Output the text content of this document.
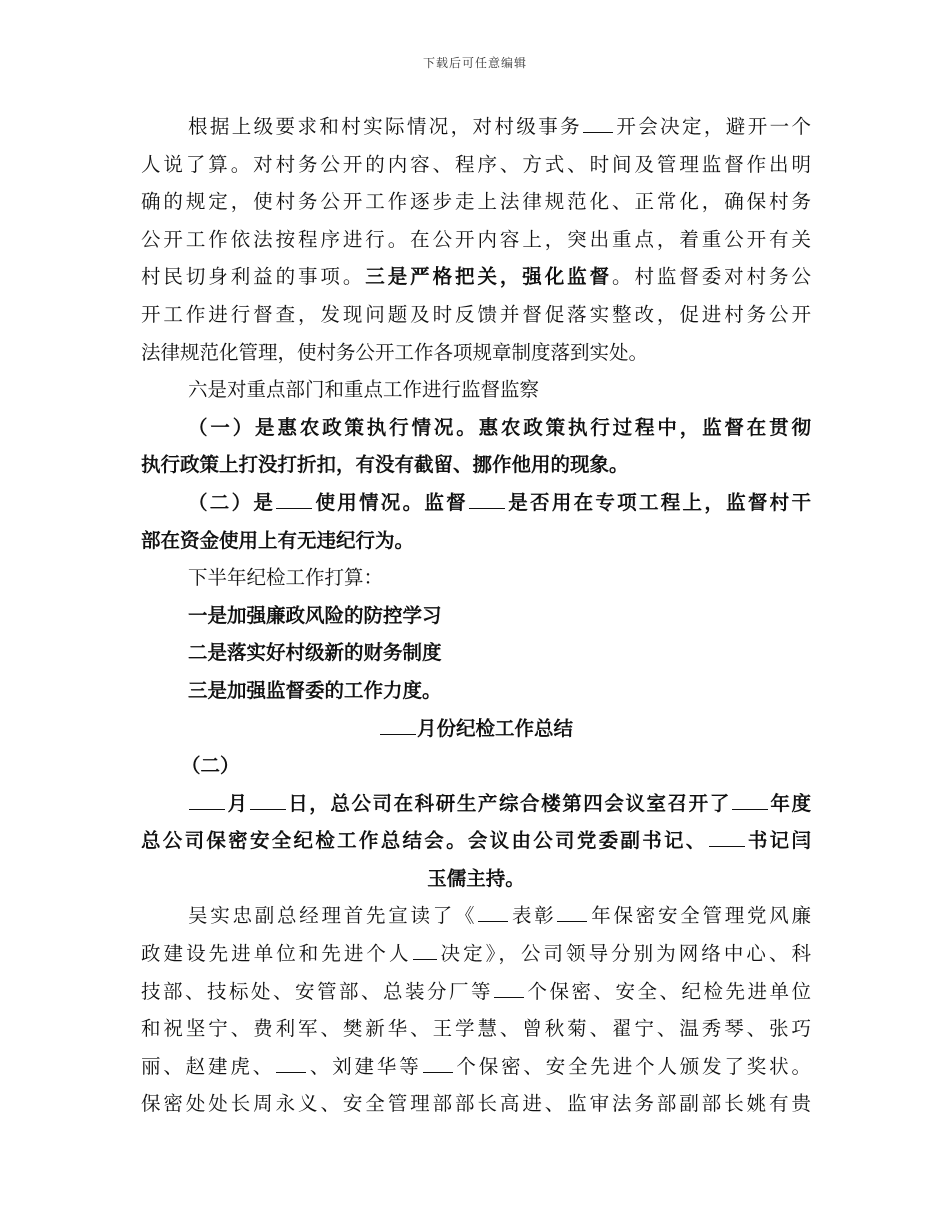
下载后可任意编辑
根据上级要求和村实际情况，对村级事务 开会决定，避开一个
人说了算。对村务公开的内容、程序、方式、时间及管理监督作出明
确的规定，使村务公开工作逐步走上法律规范化、正常化，确保村务
公开工作依法按程序进行。在公开内容上，突出重点，着重公开有关
村民切身利益的事项。三是严格把关，强化监督。村监督委对村务公
开工作进行督查，发现问题及时反馈并督促落实整改，促进村务公开
法律规范化管理，使村务公开工作各项规章制度落到实处。
六是对重点部门和重点工作进行监督监察
（一）是惠农政策执行情况。惠农政策执行过程中，监督在贯彻
执行政策上打没打折扣，有没有截留、挪作他用的现象。
（二）是 使用情况。监督 是否用在专项工程上，监督村干
部在资金使用上有无违纪行为。
下半年纪检工作打算：
一是加强廉政风险的防控学习
二是落实好村级新的财务制度
三是加强监督委的工作力度。
月份纪检工作总结
（二）
月 日，总公司在科研生产综合楼第四会议室召开了 年度
总公司保密安全纪检工作总结会。会议由公司党委副书记、 书记闫
玉儒主持。
吴实忠副总经理首先宣读了《 表彰 年保密安全管理党风廉
政建设先进单位和先进个人 决定》，公司领导分别为网络中心、科
技部、技标处、安管部、总装分厂等 个保密、安全、纪检先进单位
和祝坚宁、费利军、樊新华、王学慧、曾秋菊、翟宁、温秀琴、张巧
丽、赵建虎、 、刘建华等 个保密、安全先进个人颁发了奖状。
保密处处长周永义、安全管理部部长高进、监审法务部副部长姚有贵
